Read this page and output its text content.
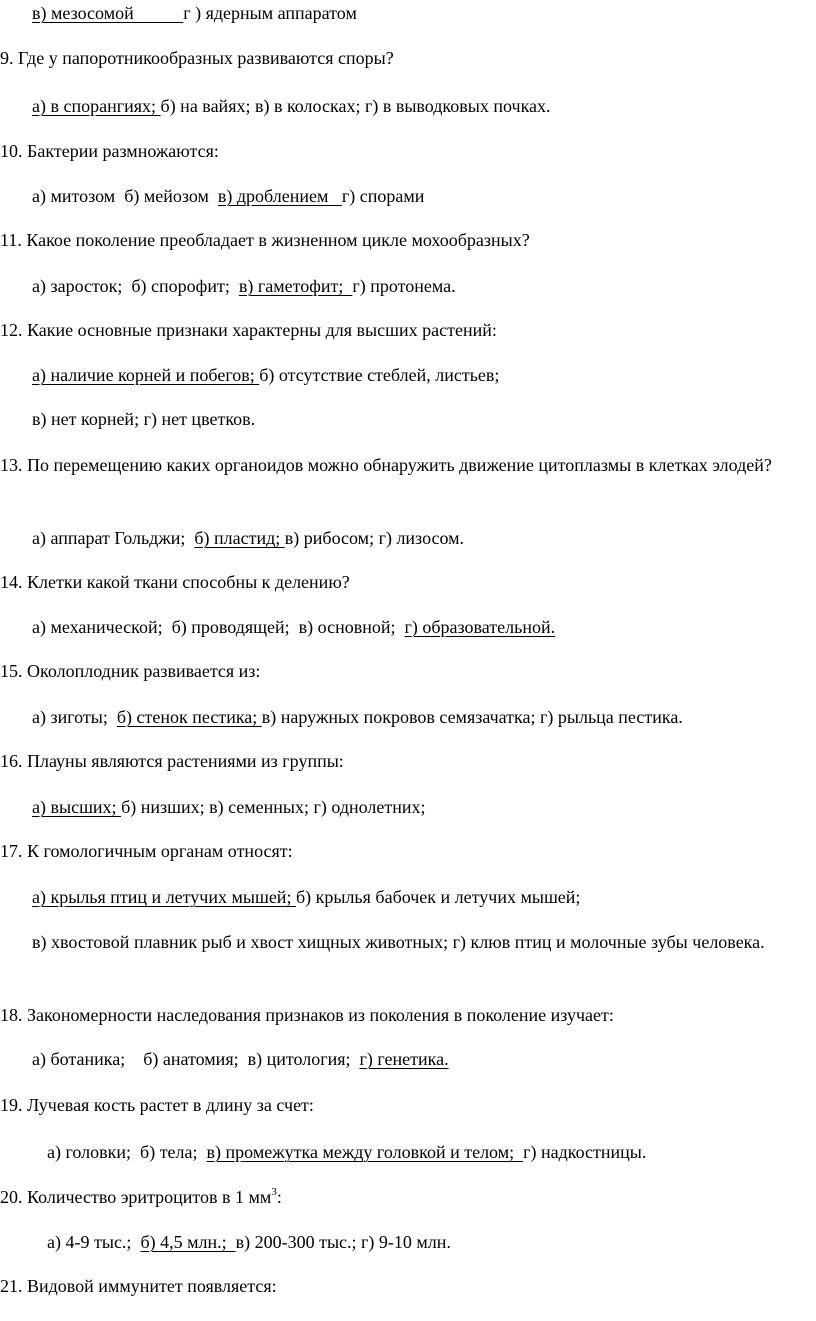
в) мезосомой	г ) ядерным аппаратом
9. Где у папоротникообразных развиваются споры?
а) в спорангиях; б) на вайях; в) в колосках; г) в выводковых почках.
10. Бактерии размножаются:
а) митозом  б) мейозом  в) дроблением   г) спорами
11. Какое поколение преобладает в жизненном цикле мохообразных?
а) заросток;  б) спорофит;  в) гаметофит;  г) протонема.
12. Какие основные признаки характерны для высших растений:
а) наличие корней и побегов; б) отсутствие стеблей, листьев;
в) нет корней; г) нет цветков.
13. По перемещению каких органоидов можно обнаружить движение цитоплазмы в клетках элодей?
а) аппарат Гольджи;  б) пластид; в) рибосом; г) лизосом.
14. Клетки какой ткани способны к делению?
а) механической;  б) проводящей;  в) основной;  г) образовательной.
15. Околоплодник развивается из:
а) зиготы;  б) стенок пестика; в) наружных покровов семязачатка; г) рыльца пестика.
16. Плауны являются растениями из группы:
а) высших; б) низших; в) семенных; г) однолетних;
17. К гомологичным органам относят:
а) крылья птиц и летучих мышей; б) крылья бабочек и летучих мышей;
в) хвостовой плавник рыб и хвост хищных животных; г) клюв птиц и молочные зубы человека.
18. Закономерности наследования признаков из поколения в поколение изучает:
а) ботаника;    б) анатомия;  в) цитология;  г) генетика.
19. Лучевая кость растет в длину за счет:
а) головки;  б) тела;  в) промежутка между головкой и телом;  г) надкостницы.
20. Количество эритроцитов в 1 $мм^3$:
а) 4-9 тыс.;  б) 4,5 млн.;  в) 200-300 тыс.; г) 9-10 млн.
21. Видовой иммунитет появляется:
